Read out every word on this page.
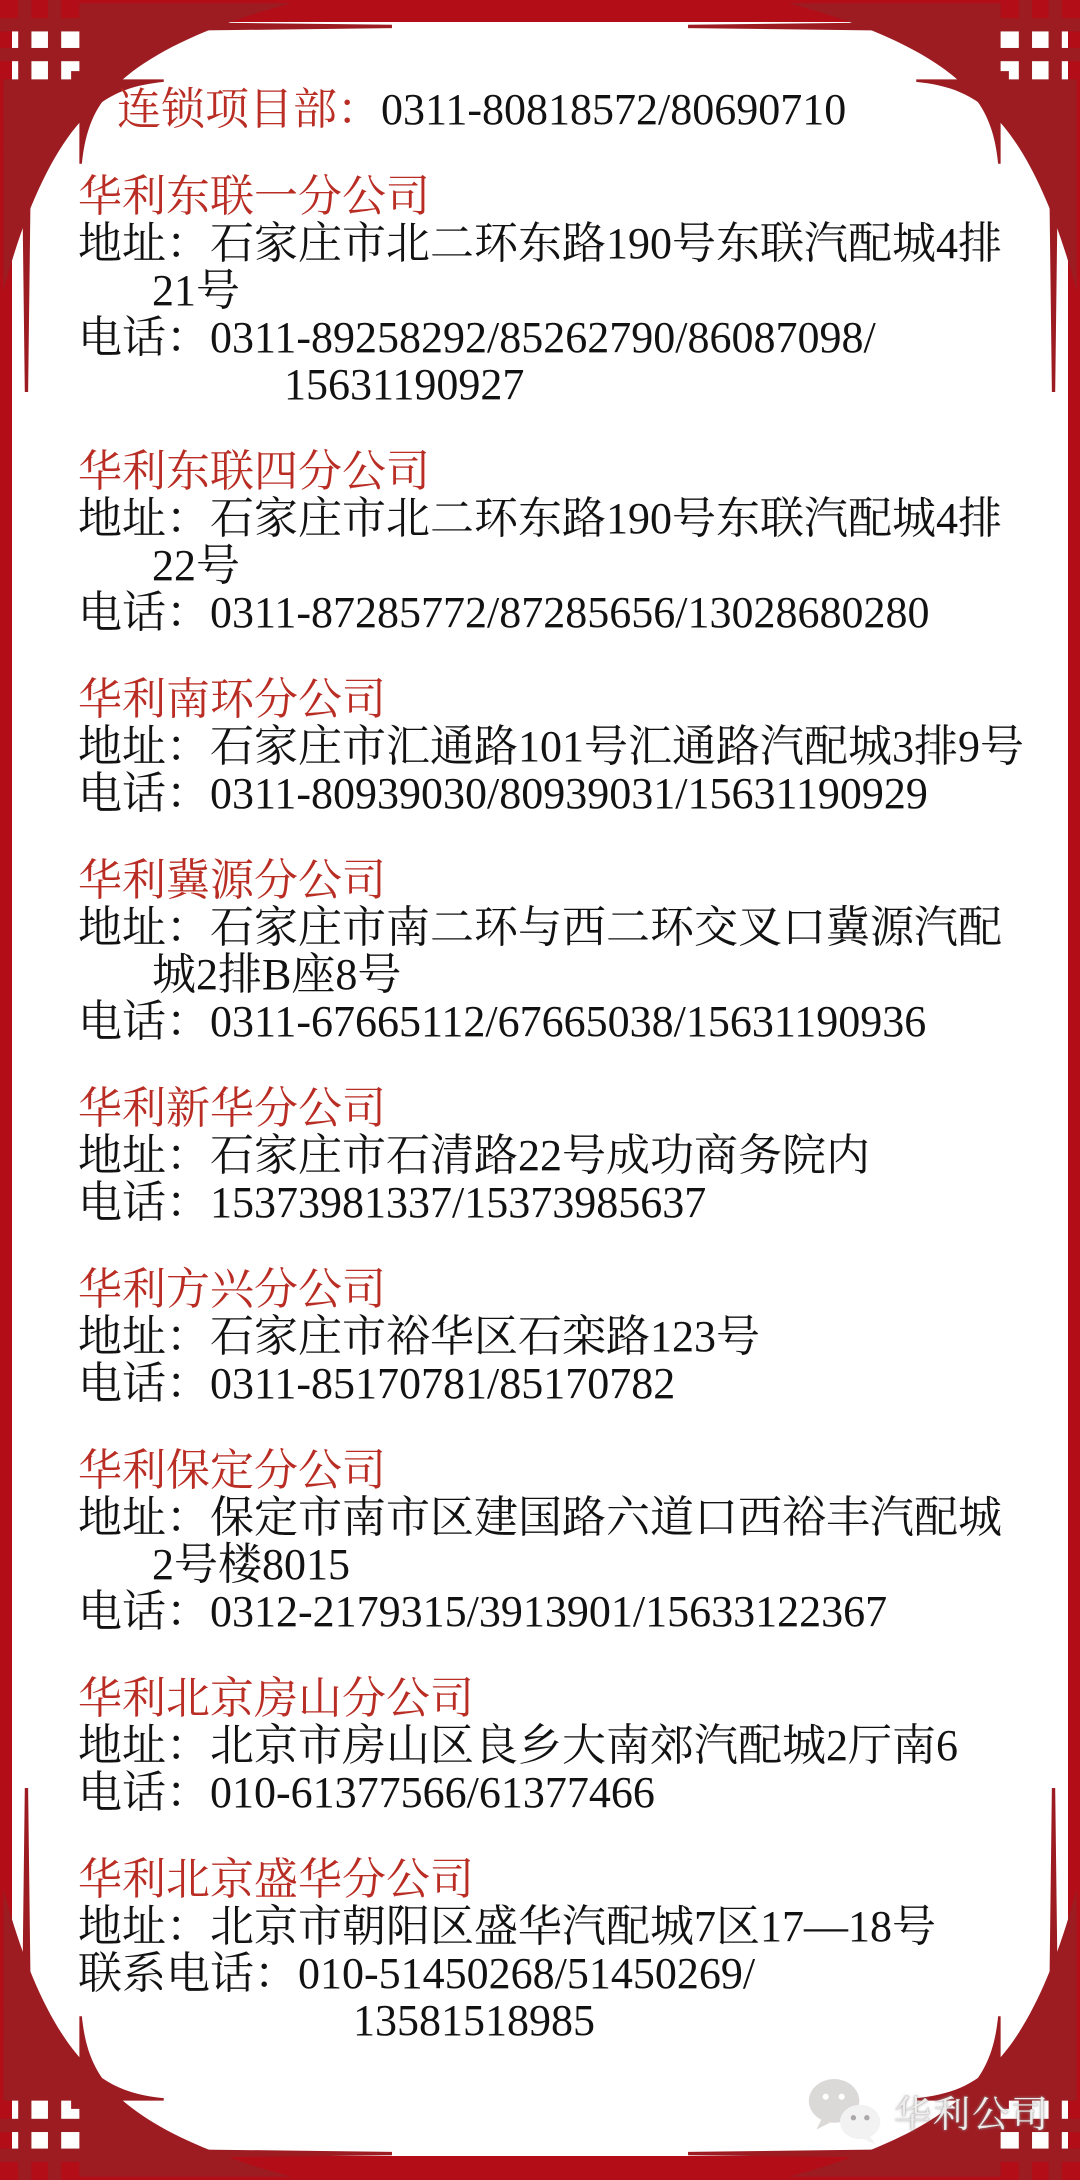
连锁项目部：0311-80818572/80690710
华利东联一分公司
地址：石家庄市北二环东路190号东联汽配城4排
21号
电话：0311-89258292/85262790/86087098/
15631190927
华利东联四分公司
地址：石家庄市北二环东路190号东联汽配城4排
22号
电话：0311-87285772/87285656/13028680280
华利南环分公司
地址：石家庄市汇通路101号汇通路汽配城3排9号
电话：0311-80939030/80939031/15631190929
华利冀源分公司
地址：石家庄市南二环与西二环交叉口冀源汽配
城2排B座8号
电话：0311-67665112/67665038/15631190936
华利新华分公司
地址：石家庄市石清路22号成功商务院内
电话：15373981337/15373985637
华利方兴分公司
地址：石家庄市裕华区石栾路123号
电话：0311-85170781/85170782
华利保定分公司
地址：保定市南市区建国路六道口西裕丰汽配城
2号楼8015
电话：0312-2179315/3913901/15633122367
华利北京房山分公司
地址：北京市房山区良乡大南郊汽配城2厅南6
电话：010-61377566/61377466
华利北京盛华分公司
地址：北京市朝阳区盛华汽配城7区17—18号
联系电话：010-51450268/51450269/
13581518985
华利公司
